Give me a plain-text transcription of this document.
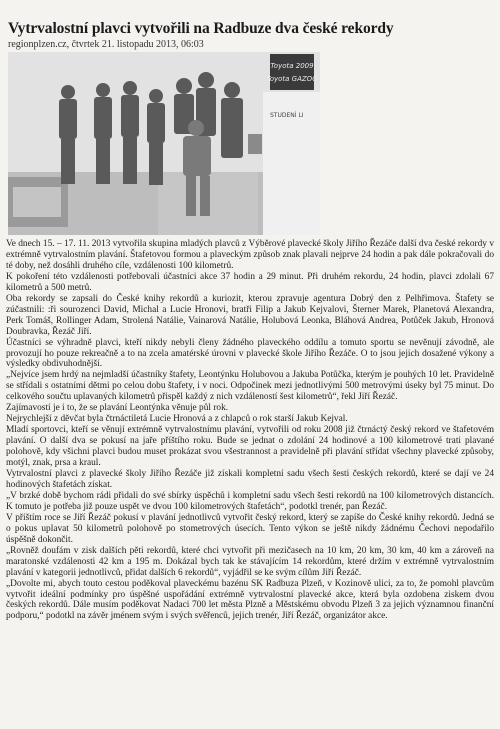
Vytrvalostní plavci vytvořili na Radbuze dva české rekordy
regionplzen.cz, čtvrtek 21. listopadu 2013, 06:03
Toyota 2009
Toyota GAZOO
STUDENÍ LI

Ve dnech 15. – 17. 11. 2013 vytvořila skupina mladých plavců z Výběrové plavecké školy Jiřího Řezáče další dva české rekordy v extrémně vytrvalostním plavání. Štafetovou formou a plaveckým způsob znak plavali nejprve 24 hodin a pak dále pokračovali do té doby, než dosáhli druhého cíle, vzdálenosti 100 kilometrů.

K pokoření této vzdálenosti potřebovali účastníci akce 37 hodin a 29 minut. Při druhém rekordu, 24 hodin, plavci zdolali 67 kilometrů a 500 metrů.

Oba rekordy se zapsali do České knihy rekordů a kuriozit, kterou zpravuje agentura Dobrý den z Pelhřimova. Štafety se zúčastnili: :ři sourozenci David, Michal a Lucie Hronovi, bratři Filip a Jakub Kejvalovi, Šterner Marek, Planetová Alexandra, Perk Tomáš, Rollinger Adam, Strolená Natálie, Vainarová Natálie, Holubová Leonka, Bláhová Andrea, Potůček Jakub, Hronová Doubravka, Řezáč Jiří.

Účastníci se výhradně plavci, kteří nikdy nebyli členy žádného plaveckého oddílu a tomuto sportu se nevěnují závodně, ale provozují ho pouze rekreačně a to na zcela amatérské úrovni v plavecké škole Jiřího Řezáče. O to jsou jejich dosažené výkony a výsledky obdivuhodnější.

„Nejvíce jsem hrdý na nejmladší účastníky štafety, Leontýnku Holubovou a Jakuba Potůčka, kterým je pouhých 10 let. Pravidelně se střídali s ostatními dětmi po celou dobu štafety, i v noci. Odpočinek mezi jednotlivými 500 metrovými úseky byl 75 minut. Do celkového součtu uplavaných kilometrů přispěl každý z nich vzdáleností šest kilometrů“, řekl Jiří Řezáč.

Zajímavostí je i to, že se plavání Leontýnka věnuje půl rok.

Nejrychlejší z děvčat byla čtrnáctiletá Lucie Hronová a z chlapců o rok starší Jakub Kejval.

Mladí sportovci, kteří se věnují extrémně vytrvalostnímu plavání, vytvořili od roku 2008 již čtrnáctý český rekord ve štafetovém plavání. O další dva se pokusí na jaře příštího roku. Bude se jednat o zdolání 24 hodinové a 100 kilometrové trati plavané polohově, kdy všichni plavci budou muset prokázat svou všestrannost a pravidelně při plavání střídat všechny plavecké způsoby, motýl, znak, prsa a kraul.

Vytrvalostní plavci z plavecké školy Jiřího Řezáče již získali kompletní sadu všech šesti českých rekordů, které se dají ve 24 hodinových štafetách získat.

„V brzké době bychom rádi přidali do své sbírky úspěchů i kompletní sadu všech šesti rekordů na 100 kilometrových distancích. K tomuto je potřeba již pouze uspět ve dvou 100 kilometrových štafetách“, podotkl trenér, pan Řezáč.

V příštím roce se Jiří Řezáč pokusí v plavání jednotlivců vytvořit český rekord, který se zapíše do České knihy rekordů. Jedná se o pokus uplavat 50 kilometrů polohově po stometrových úsecích. Tento výkon se ještě nikdy žádnému Čechovi nepodařilo úspěšně dokončit.

„Rovněž doufám v zisk dalších pěti rekordů, které chci vytvořit při mezičasech na 10 km, 20 km, 30 km, 40 km a zároveň na maratonské vzdálenosti 42 km a 195 m. Dokázal bych tak ke stávajícím 14 rekordům, které držím v extrémně vytrvalostním plavání v kategorii jednotlivců, přidat dalších 6 rekordů“, vyjádřil se ke svým cílům Jiří Řezáč.

„Dovolte mi, abych touto cestou poděkoval plaveckému bazénu SK Radbuza Plzeň, v Kozinově ulici, za to, že pomohl plavcům vytvořit ideální podmínky pro úspěšné uspořádání extrémně vytrvalostní plavecké akce, která byla ozdobena ziskem dvou českých rekordů. Dále musím poděkovat Nadaci 700 let města Plzně a Městskému obvodu Plzeň 3 za jejich významnou finanční podporu,“ podotkl na závěr jménem svým i svých svěřenců, jejich trenér, Jiří Řezáč, organizátor akce.
